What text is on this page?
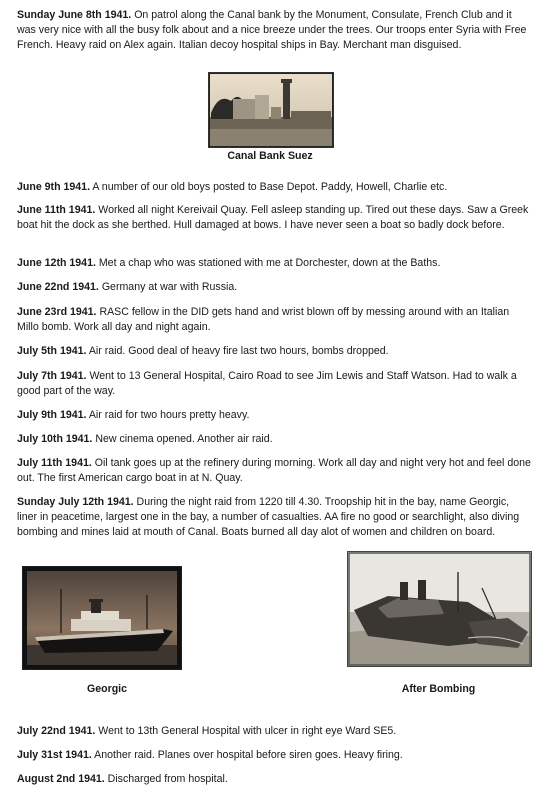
Sunday June 8th 1941. On patrol along the Canal bank by the Monument, Consulate, French Club and it was very nice with all the busy folk about and a nice breeze under the trees. Our troops enter Syria with Free French. Heavy raid on Alex again. Italian decoy hospital ships in Bay. Merchant man disguised.

Canal Bank Suez

June 9th 1941. A number of our old boys posted to Base Depot. Paddy, Howell, Charlie etc.

June 11th 1941. Worked all night Kereivail Quay. Fell asleep standing up. Tired out these days. Saw a Greek boat hit the dock as she berthed. Hull damaged at bows. I have never seen a boat so badly dock before.

June 12th 1941. Met a chap who was stationed with me at Dorchester, down at the Baths.

June 22nd 1941. Germany at war with Russia.

June 23rd 1941. RASC fellow in the DID gets hand and wrist blown off by messing around with an Italian Millo bomb. Work all day and night again.

July 5th 1941. Air raid. Good deal of heavy fire last two hours, bombs dropped.

July 7th 1941. Went to 13 General Hospital, Cairo Road to see Jim Lewis and Staff Watson. Had to walk a good part of the way.

July 9th 1941. Air raid for two hours pretty heavy.

July 10th 1941. New cinema opened. Another air raid.

July 11th 1941. Oil tank goes up at the refinery during morning. Work all day and night very hot and feel done out. The first American cargo boat in at N. Quay.

Sunday July 12th 1941. During the night raid from 1220 till 4.30. Troopship hit in the bay, name Georgic, liner in peacetime, largest one in the bay, a number of casualties. AA fire no good or searchlight, also diving bombing and mines laid at mouth of Canal. Boats burned all day alot of women and children on board.

Georgic	After Bombing

July 22nd 1941. Went to 13th General Hospital with ulcer in right eye Ward SE5.

July 31st 1941. Another raid. Planes over hospital before siren goes. Heavy firing.

August 2nd 1941. Discharged from hospital.
